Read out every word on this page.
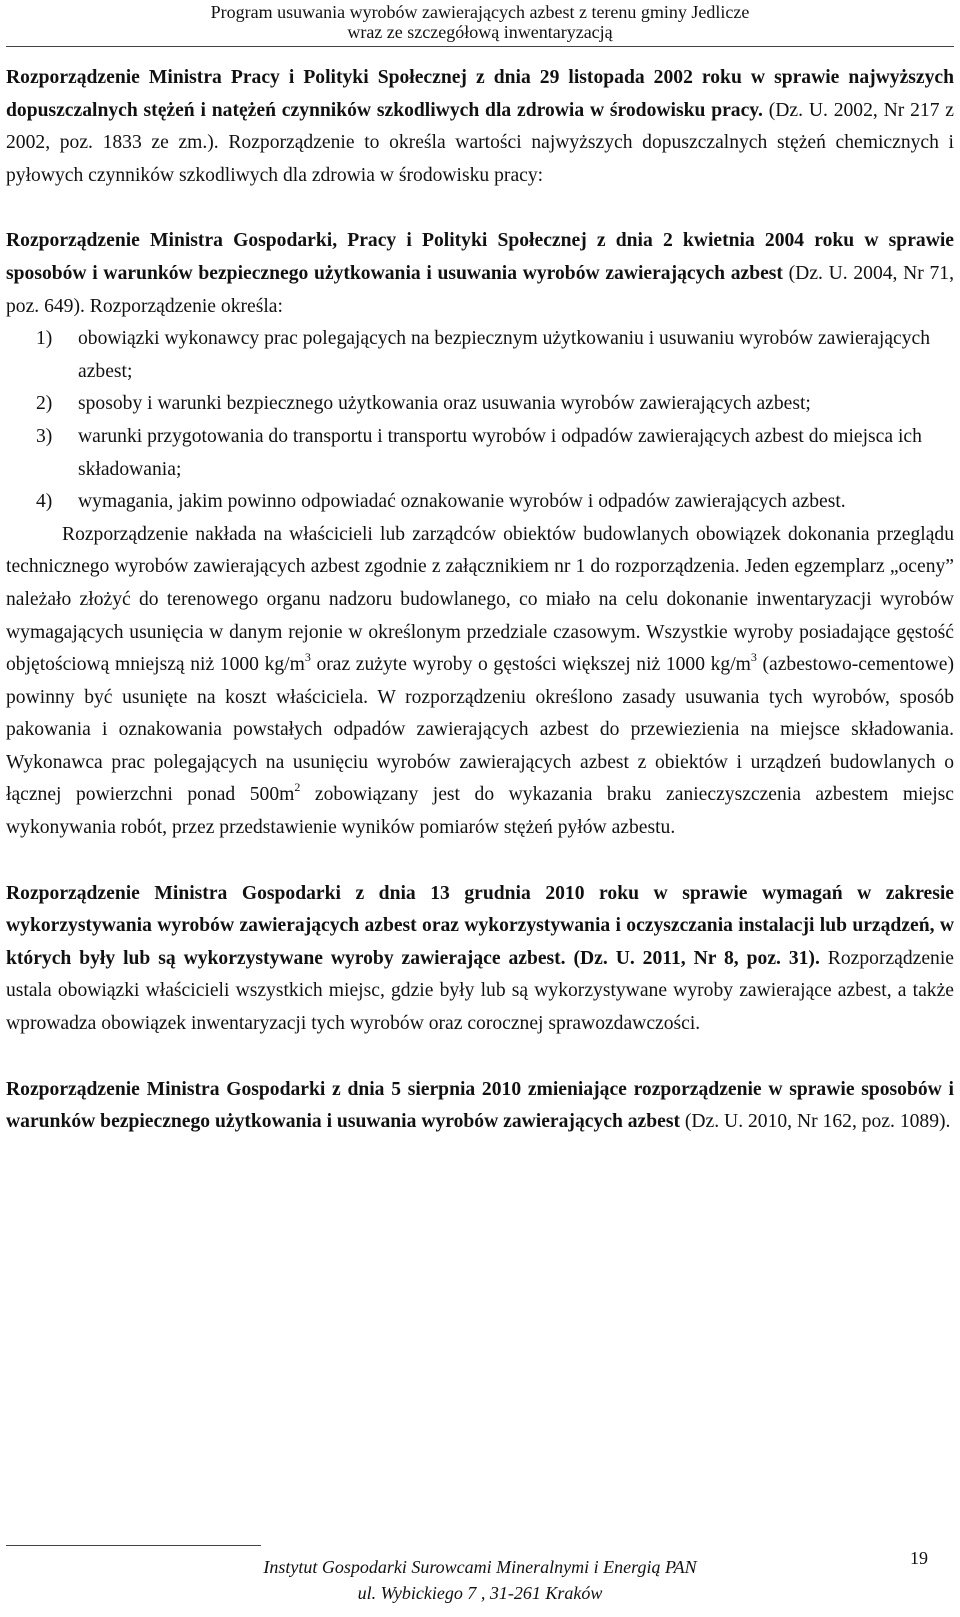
Program usuwania wyrobów zawierających azbest z terenu gminy Jedlicze
wraz ze szczegółową inwentaryzacją

Rozporządzenie Ministra Pracy i Polityki Społecznej z dnia 29 listopada 2002 roku w sprawie najwyższych dopuszczalnych stężeń i natężeń czynników szkodliwych dla zdrowia w środowisku pracy. (Dz. U. 2002, Nr 217 z 2002, poz. 1833 ze zm.). Rozporządzenie to określa wartości najwyższych dopuszczalnych stężeń chemicznych i pyłowych czynników szkodliwych dla zdrowia w środowisku pracy:

Rozporządzenie Ministra Gospodarki, Pracy i Polityki Społecznej z dnia 2 kwietnia 2004 roku w sprawie sposobów i warunków bezpiecznego użytkowania i usuwania wyrobów zawierających azbest (Dz. U. 2004, Nr 71, poz. 649). Rozporządzenie określa:

1) obowiązki wykonawcy prac polegających na bezpiecznym użytkowaniu i usuwaniu wyrobów zawierających azbest;
2) sposoby i warunki bezpiecznego użytkowania oraz usuwania wyrobów zawierających azbest;
3) warunki przygotowania do transportu i transportu wyrobów i odpadów zawierających azbest do miejsca ich składowania;
4) wymagania, jakim powinno odpowiadać oznakowanie wyrobów i odpadów zawierających azbest.

Rozporządzenie nakłada na właścicieli lub zarządców obiektów budowlanych obowiązek dokonania przeglądu technicznego wyrobów zawierających azbest zgodnie z załącznikiem nr 1 do rozporządzenia. Jeden egzemplarz „oceny” należało złożyć do terenowego organu nadzoru budowlanego, co miało na celu dokonanie inwentaryzacji wyrobów wymagających usunięcia w danym rejonie w określonym przedziale czasowym. Wszystkie wyroby posiadające gęstość objętościową mniejszą niż 1000 $kg/m^3$ oraz zużyte wyroby o gęstości większej niż 1000 $kg/m^3$ (azbestowo-cementowe) powinny być usunięte na koszt właściciela. W rozporządzeniu określono zasady usuwania tych wyrobów, sposób pakowania i oznakowania powstałych odpadów zawierających azbest do przewiezienia na miejsce składowania. Wykonawca prac polegających na usunięciu wyrobów zawierających azbest z obiektów i urządzeń budowlanych o łącznej powierzchni ponad $500m^2$ zobowiązany jest do wykazania braku zanieczyszczenia azbestem miejsc wykonywania robót, przez przedstawienie wyników pomiarów stężeń pyłów azbestu.

Rozporządzenie Ministra Gospodarki z dnia 13 grudnia 2010 roku w sprawie wymagań w zakresie wykorzystywania wyrobów zawierających azbest oraz wykorzystywania i oczyszczania instalacji lub urządzeń, w których były lub są wykorzystywane wyroby zawierające azbest. (Dz. U. 2011, Nr 8, poz. 31). Rozporządzenie ustala obowiązki właścicieli wszystkich miejsc, gdzie były lub są wykorzystywane wyroby zawierające azbest, a także wprowadza obowiązek inwentaryzacji tych wyrobów oraz corocznej sprawozdawczości.

Rozporządzenie Ministra Gospodarki z dnia 5 sierpnia 2010 zmieniające rozporządzenie w sprawie sposobów i warunków bezpiecznego użytkowania i usuwania wyrobów zawierających azbest (Dz. U. 2010, Nr 162, poz. 1089).

Instytut Gospodarki Surowcami Mineralnymi i Energią PAN
ul. Wybickiego 7 , 31-261 Kraków
19
